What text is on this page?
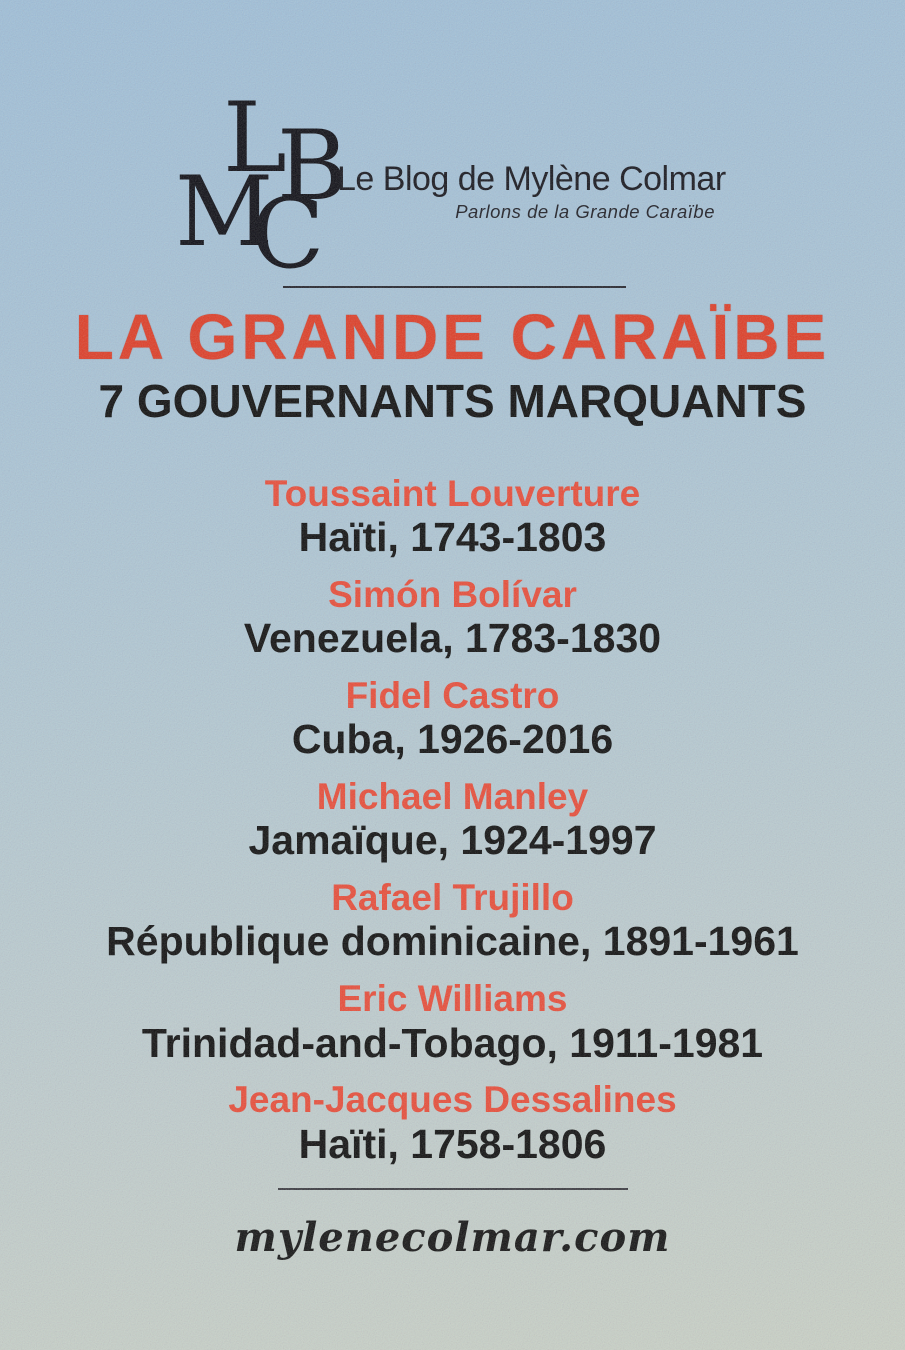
L
B
M
C Le Blog de Mylène Colmar
Parlons de la Grande Caraïbe
LA GRANDE CARAÏBE
7 GOUVERNANTS MARQUANTS
Toussaint Louverture
Haïti, 1743-1803
Simón Bolívar
Venezuela, 1783-1830
Fidel Castro
Cuba, 1926-2016
Michael Manley
Jamaïque, 1924-1997
Rafael Trujillo
République dominicaine, 1891-1961
Eric Williams
Trinidad-and-Tobago, 1911-1981
Jean-Jacques Dessalines
Haïti, 1758-1806
mylenecolmar.com
